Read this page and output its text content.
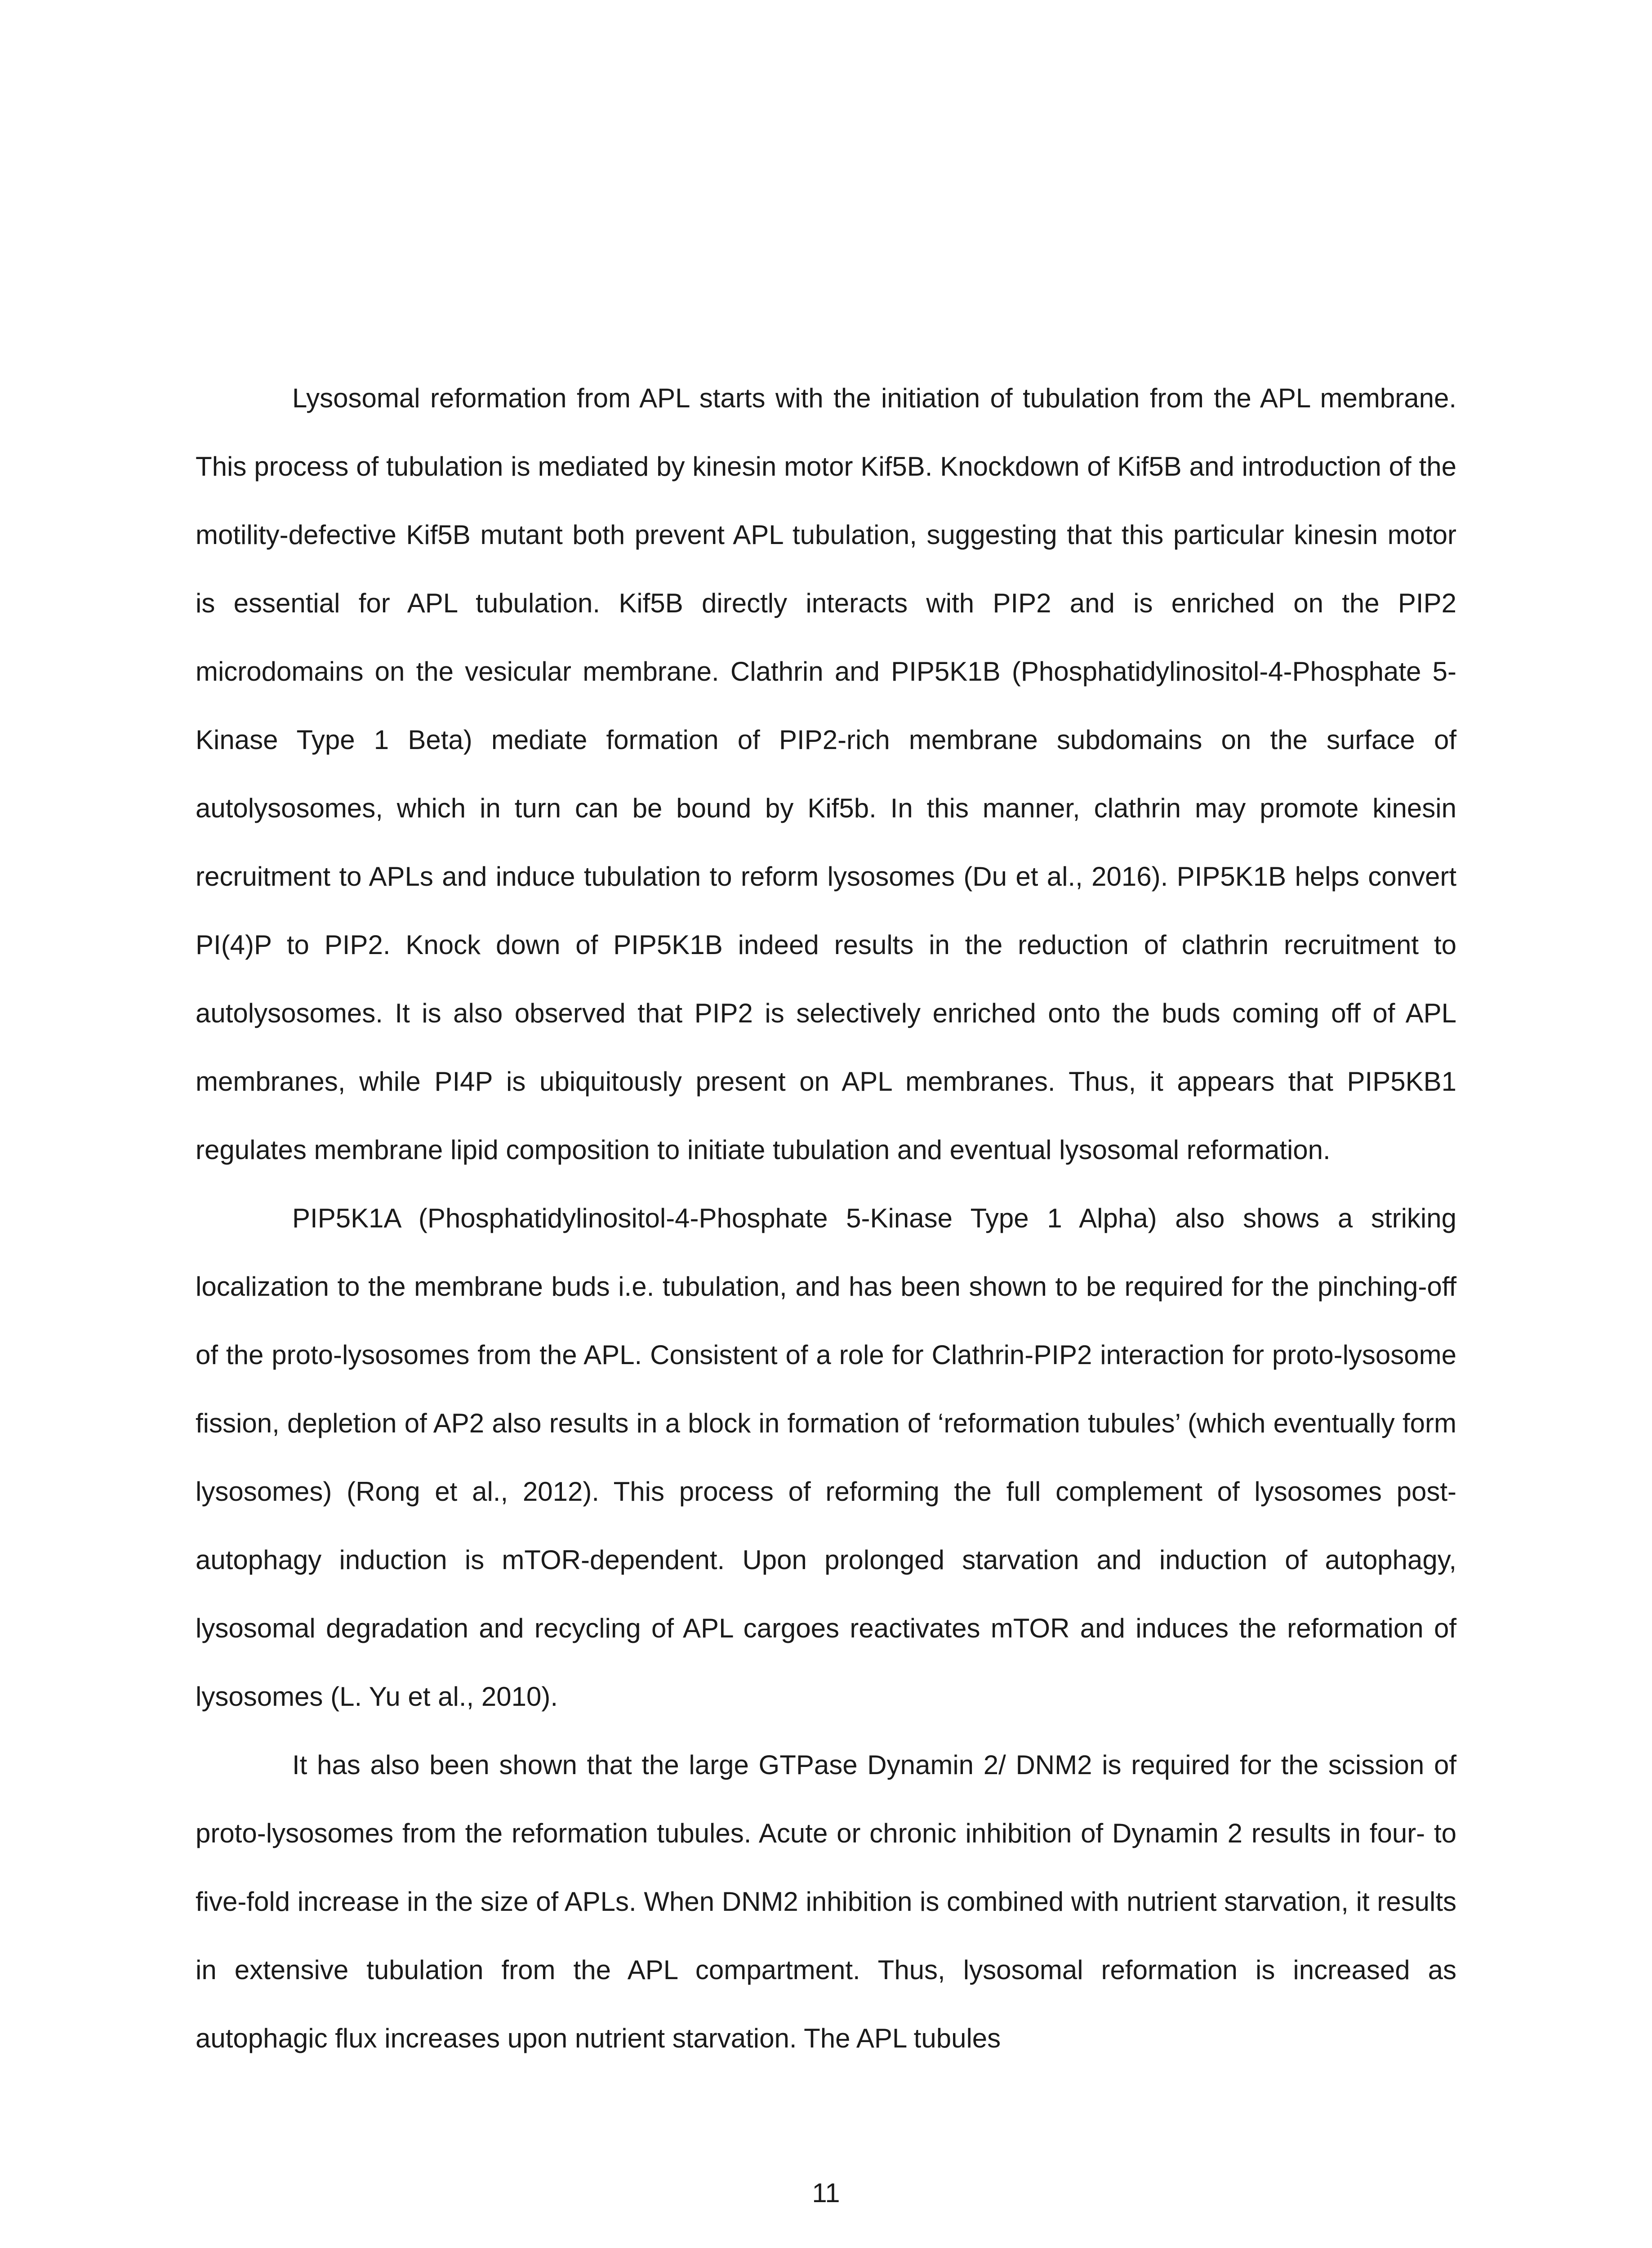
Lysosomal reformation from APL starts with the initiation of tubulation from the APL membrane. This process of tubulation is mediated by kinesin motor Kif5B. Knockdown of Kif5B and introduction of the motility-defective Kif5B mutant both prevent APL tubulation, suggesting that this particular kinesin motor is essential for APL tubulation. Kif5B directly interacts with PIP2 and is enriched on the PIP2 microdomains on the vesicular membrane. Clathrin and PIP5K1B (Phosphatidylinositol-4-Phosphate 5-Kinase Type 1 Beta) mediate formation of PIP2-rich membrane subdomains on the surface of autolysosomes, which in turn can be bound by Kif5b. In this manner, clathrin may promote kinesin recruitment to APLs and induce tubulation to reform lysosomes (Du et al., 2016). PIP5K1B helps convert PI(4)P to PIP2. Knock down of PIP5K1B indeed results in the reduction of clathrin recruitment to autolysosomes. It is also observed that PIP2 is selectively enriched onto the buds coming off of APL membranes, while PI4P is ubiquitously present on APL membranes. Thus, it appears that PIP5KB1 regulates membrane lipid composition to initiate tubulation and eventual lysosomal reformation.

PIP5K1A (Phosphatidylinositol-4-Phosphate 5-Kinase Type 1 Alpha) also shows a striking localization to the membrane buds i.e. tubulation, and has been shown to be required for the pinching-off of the proto-lysosomes from the APL. Consistent of a role for Clathrin-PIP2 interaction for proto-lysosome fission, depletion of AP2 also results in a block in formation of ‘reformation tubules’ (which eventually form lysosomes) (Rong et al., 2012). This process of reforming the full complement of lysosomes post-autophagy induction is mTOR-dependent. Upon prolonged starvation and induction of autophagy, lysosomal degradation and recycling of APL cargoes reactivates mTOR and induces the reformation of lysosomes (L. Yu et al., 2010).

It has also been shown that the large GTPase Dynamin 2/ DNM2 is required for the scission of proto-lysosomes from the reformation tubules. Acute or chronic inhibition of Dynamin 2 results in four- to five-fold increase in the size of APLs. When DNM2 inhibition is combined with nutrient starvation, it results in extensive tubulation from the APL compartment. Thus, lysosomal reformation is increased as autophagic flux increases upon nutrient starvation. The APL tubules

11
